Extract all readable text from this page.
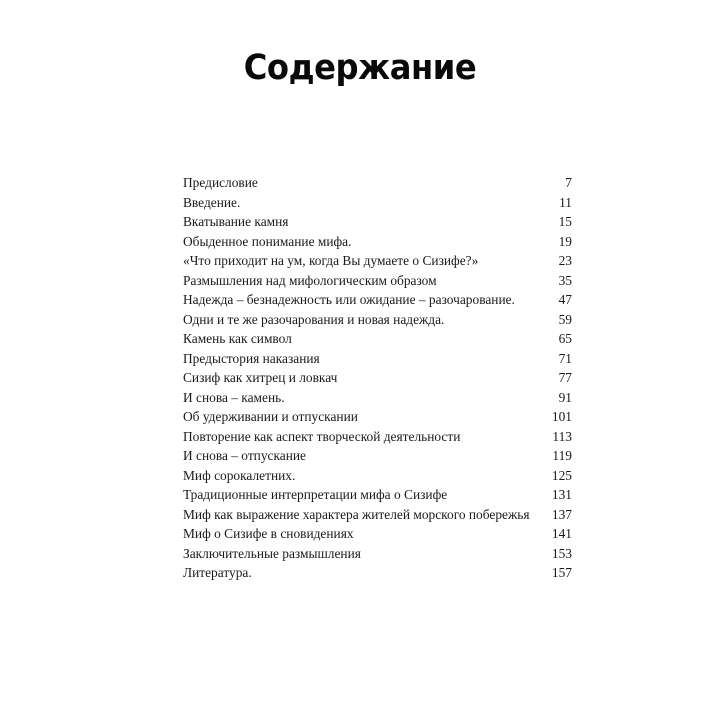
Содержание
Предисловие	7
Введение.	11
Вкатывание камня	15
Обыденное понимание мифа.	19
«Что приходит на ум, когда Вы думаете о Сизифе?»	23
Размышления над мифологическим образом	35
Надежда – безнадежность или ожидание – разочарование.	47
Одни и те же разочарования и новая надежда.	59
Камень как символ	65
Предыстория наказания	71
Сизиф как хитрец и ловкач	77
И снова – камень.	91
Об удерживании и отпускании	101
Повторение как аспект творческой деятельности	113
И снова – отпускание	119
Миф сорокалетних.	125
Традиционные интерпретации мифа о Сизифе	131
Миф как выражение характера жителей морского побережья 137
Миф о Сизифе в сновидениях	141
Заключительные размышления	153
Литература.	157
